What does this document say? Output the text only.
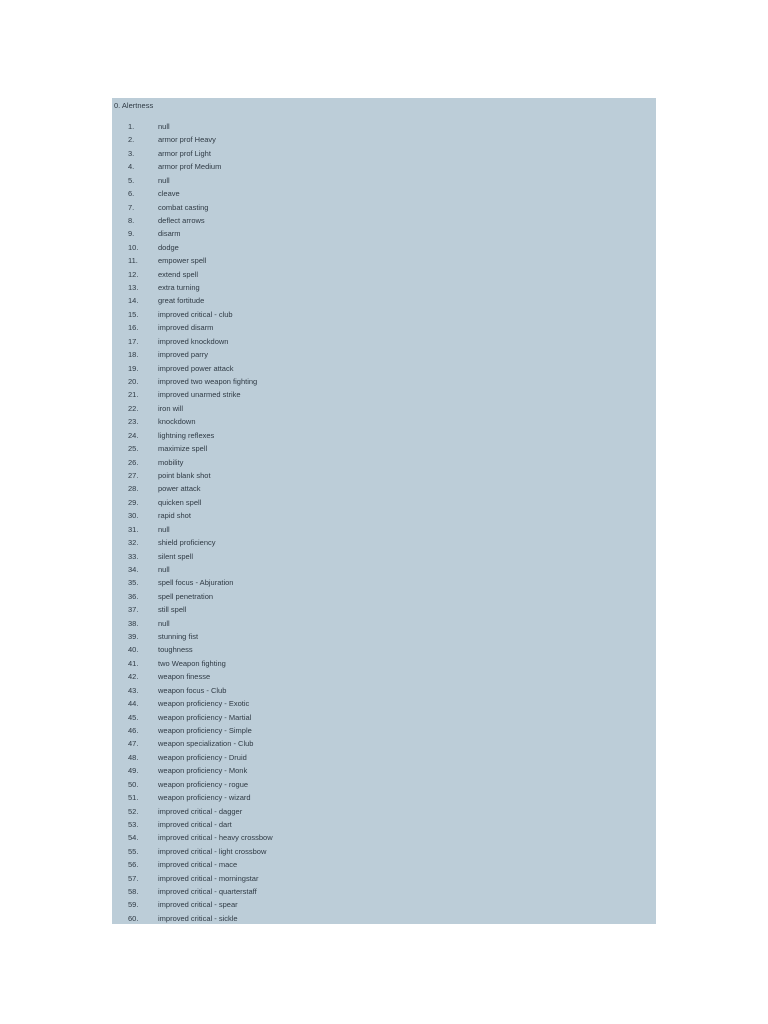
0. Alertness
1.	null
2.	armor prof Heavy
3.	armor prof Light
4.	armor prof Medium
5.	null
6.	cleave
7.	combat casting
8.	deflect arrows
9.	disarm
10.	dodge
11.	empower spell
12.	extend spell
13.	extra turning
14.	great fortitude
15.	improved critical - club
16.	improved disarm
17.	improved knockdown
18.	improved parry
19.	improved power attack
20.	improved two weapon fighting
21.	improved unarmed strike
22.	iron will
23.	knockdown
24.	lightning reflexes
25.	maximize spell
26.	mobility
27.	point blank shot
28.	power attack
29.	quicken spell
30.	rapid shot
31.	null
32.	shield proficiency
33.	silent spell
34.	null
35.	spell focus - Abjuration
36.	spell penetration
37.	still spell
38.	null
39.	stunning fist
40.	toughness
41.	two Weapon fighting
42.	weapon finesse
43.	weapon focus - Club
44.	weapon proficiency - Exotic
45.	weapon proficiency - Martial
46.	weapon proficiency - Simple
47.	weapon specialization - Club
48.	weapon proficiency - Druid
49.	weapon proficiency - Monk
50.	weapon proficiency - rogue
51.	weapon proficiency - wizard
52.	improved critical - dagger
53.	improved critical - dart
54.	improved critical - heavy crossbow
55.	improved critical - light crossbow
56.	improved critical - mace
57.	improved critical - morningstar
58.	improved critical - quarterstaff
59.	improved critical - spear
60.	improved critical - sickle
